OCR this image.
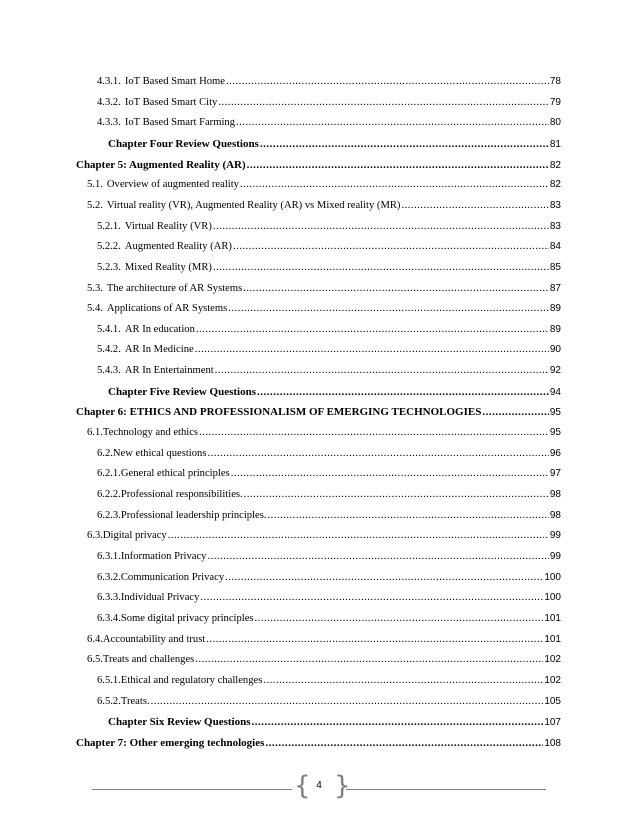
4.3.1. IoT Based Smart Home .....	78
4.3.2. IoT Based Smart City .....	79
4.3.3. IoT Based Smart Farming .....	80
Chapter Four Review Questions .....	81
Chapter 5: Augmented Reality (AR) .....	82
5.1. Overview of augmented reality .....	82
5.2. Virtual reality (VR), Augmented Reality (AR) vs Mixed reality (MR) .....	83
5.2.1. Virtual Reality (VR) .....	83
5.2.2. Augmented Reality (AR) .....	84
5.2.3. Mixed Reality (MR) .....	85
5.3. The architecture of AR Systems .....	87
5.4. Applications of AR Systems .....	89
5.4.1. AR In education .....	89
5.4.2. AR In Medicine .....	90
5.4.3. AR In Entertainment .....	92
Chapter Five Review Questions .....	94
Chapter 6: ETHICS AND PROFESSIONALISM OF EMERGING TECHNOLOGIES .....	95
6.1. Technology and ethics .....	95
6.2. New ethical questions .....	96
6.2.1. General ethical principles .....	97
6.2.2. Professional responsibilities. .....	98
6.2.3. Professional leadership principles. .....	98
6.3. Digital privacy .....	99
6.3.1. Information Privacy .....	99
6.3.2. Communication Privacy .....	100
6.3.3. Individual Privacy .....	100
6.3.4. Some digital privacy principles .....	101
6.4. Accountability and trust .....	101
6.5. Treats and challenges .....	102
6.5.1. Ethical and regulatory challenges .....	102
6.5.2. Treats. .....	105
Chapter Six Review Questions .....	107
Chapter 7: Other emerging technologies .....	108
{ 4 }
